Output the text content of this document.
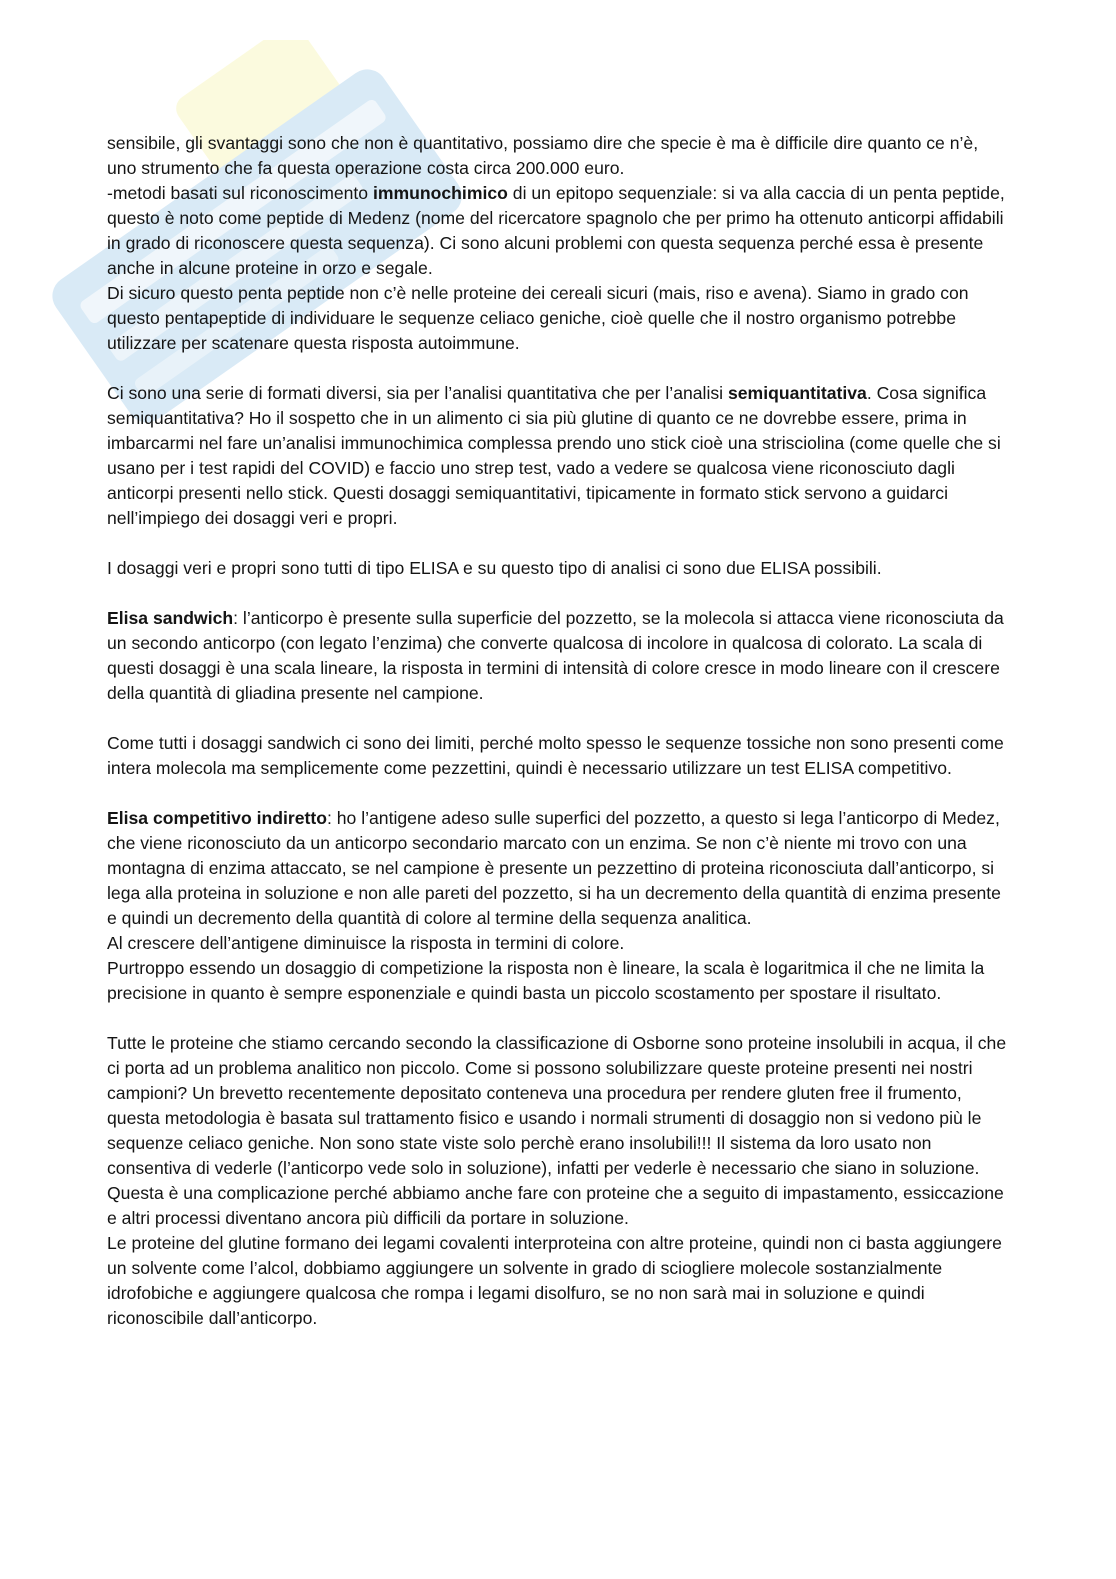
sensibile, gli svantaggi sono che non è quantitativo, possiamo dire che specie è ma è difficile dire quanto ce n’è, uno strumento che fa questa operazione costa circa 200.000 euro.

-metodi basati sul riconoscimento immunochimico di un epitopo sequenziale: si va alla caccia di un penta peptide, questo è noto come peptide di Medenz (nome del ricercatore spagnolo che per primo ha ottenuto anticorpi affidabili in grado di riconoscere questa sequenza). Ci sono alcuni problemi con questa sequenza perché essa è presente anche in alcune proteine in orzo e segale.

Di sicuro questo penta peptide non c’è nelle proteine dei cereali sicuri (mais, riso e avena). Siamo in grado con questo pentapeptide di individuare le sequenze celiaco geniche, cioè quelle che il nostro organismo potrebbe utilizzare per scatenare questa risposta autoimmune.

Ci sono una serie di formati diversi, sia per l’analisi quantitativa che per l’analisi semiquantitativa. Cosa significa semiquantitativa? Ho il sospetto che in un alimento ci sia più glutine di quanto ce ne dovrebbe essere, prima in imbarcarmi nel fare un’analisi immunochimica complessa prendo uno stick cioè una strisciolina (come quelle che si usano per i test rapidi del COVID) e faccio uno strep test, vado a vedere se qualcosa viene riconosciuto dagli anticorpi presenti nello stick. Questi dosaggi semiquantitativi, tipicamente in formato stick servono a guidarci nell’impiego dei dosaggi veri e propri.

I dosaggi veri e propri sono tutti di tipo ELISA e su questo tipo di analisi ci sono due ELISA possibili.

Elisa sandwich: l’anticorpo è presente sulla superficie del pozzetto, se la molecola si attacca viene riconosciuta da un secondo anticorpo (con legato l’enzima) che converte qualcosa di incolore in qualcosa di colorato. La scala di questi dosaggi è una scala lineare, la risposta in termini di intensità di colore cresce in modo lineare con il crescere della quantità di gliadina presente nel campione.

Come tutti i dosaggi sandwich ci sono dei limiti, perché molto spesso le sequenze tossiche non sono presenti come intera molecola ma semplicemente come pezzettini, quindi è necessario utilizzare un test ELISA competitivo.

Elisa competitivo indiretto: ho l’antigene adeso sulle superfici del pozzetto, a questo si lega l’anticorpo di Medez, che viene riconosciuto da un anticorpo secondario marcato con un enzima. Se non c’è niente mi trovo con una montagna di enzima attaccato, se nel campione è presente un pezzettino di proteina riconosciuta dall’anticorpo, si lega alla proteina in soluzione e non alle pareti del pozzetto, si ha un decremento della quantità di enzima presente e quindi un decremento della quantità di colore al termine della sequenza analitica.

Al crescere dell’antigene diminuisce la risposta in termini di colore.

Purtroppo essendo un dosaggio di competizione la risposta non è lineare, la scala è logaritmica il che ne limita la precisione in quanto è sempre esponenziale e quindi basta un piccolo scostamento per spostare il risultato.

Tutte le proteine che stiamo cercando secondo la classificazione di Osborne sono proteine insolubili in acqua, il che ci porta ad un problema analitico non piccolo. Come si possono solubilizzare queste proteine presenti nei nostri campioni? Un brevetto recentemente depositato conteneva una procedura per rendere gluten free il frumento, questa metodologia è basata sul trattamento fisico e usando i normali strumenti di dosaggio non si vedono più le sequenze celiaco geniche. Non sono state viste solo perchè erano insolubili!!! Il sistema da loro usato non consentiva di vederle (l’anticorpo vede solo in soluzione), infatti per vederle è necessario che siano in soluzione.

Questa è una complicazione perché abbiamo anche fare con proteine che a seguito di impastamento, essiccazione e altri processi diventano ancora più difficili da portare in soluzione.

Le proteine del glutine formano dei legami covalenti interproteina con altre proteine, quindi non ci basta aggiungere un solvente come l’alcol, dobbiamo aggiungere un solvente in grado di sciogliere molecole sostanzialmente idrofobiche e aggiungere qualcosa che rompa i legami disolfuro, se no non sarà mai in soluzione e quindi riconoscibile dall’anticorpo.
